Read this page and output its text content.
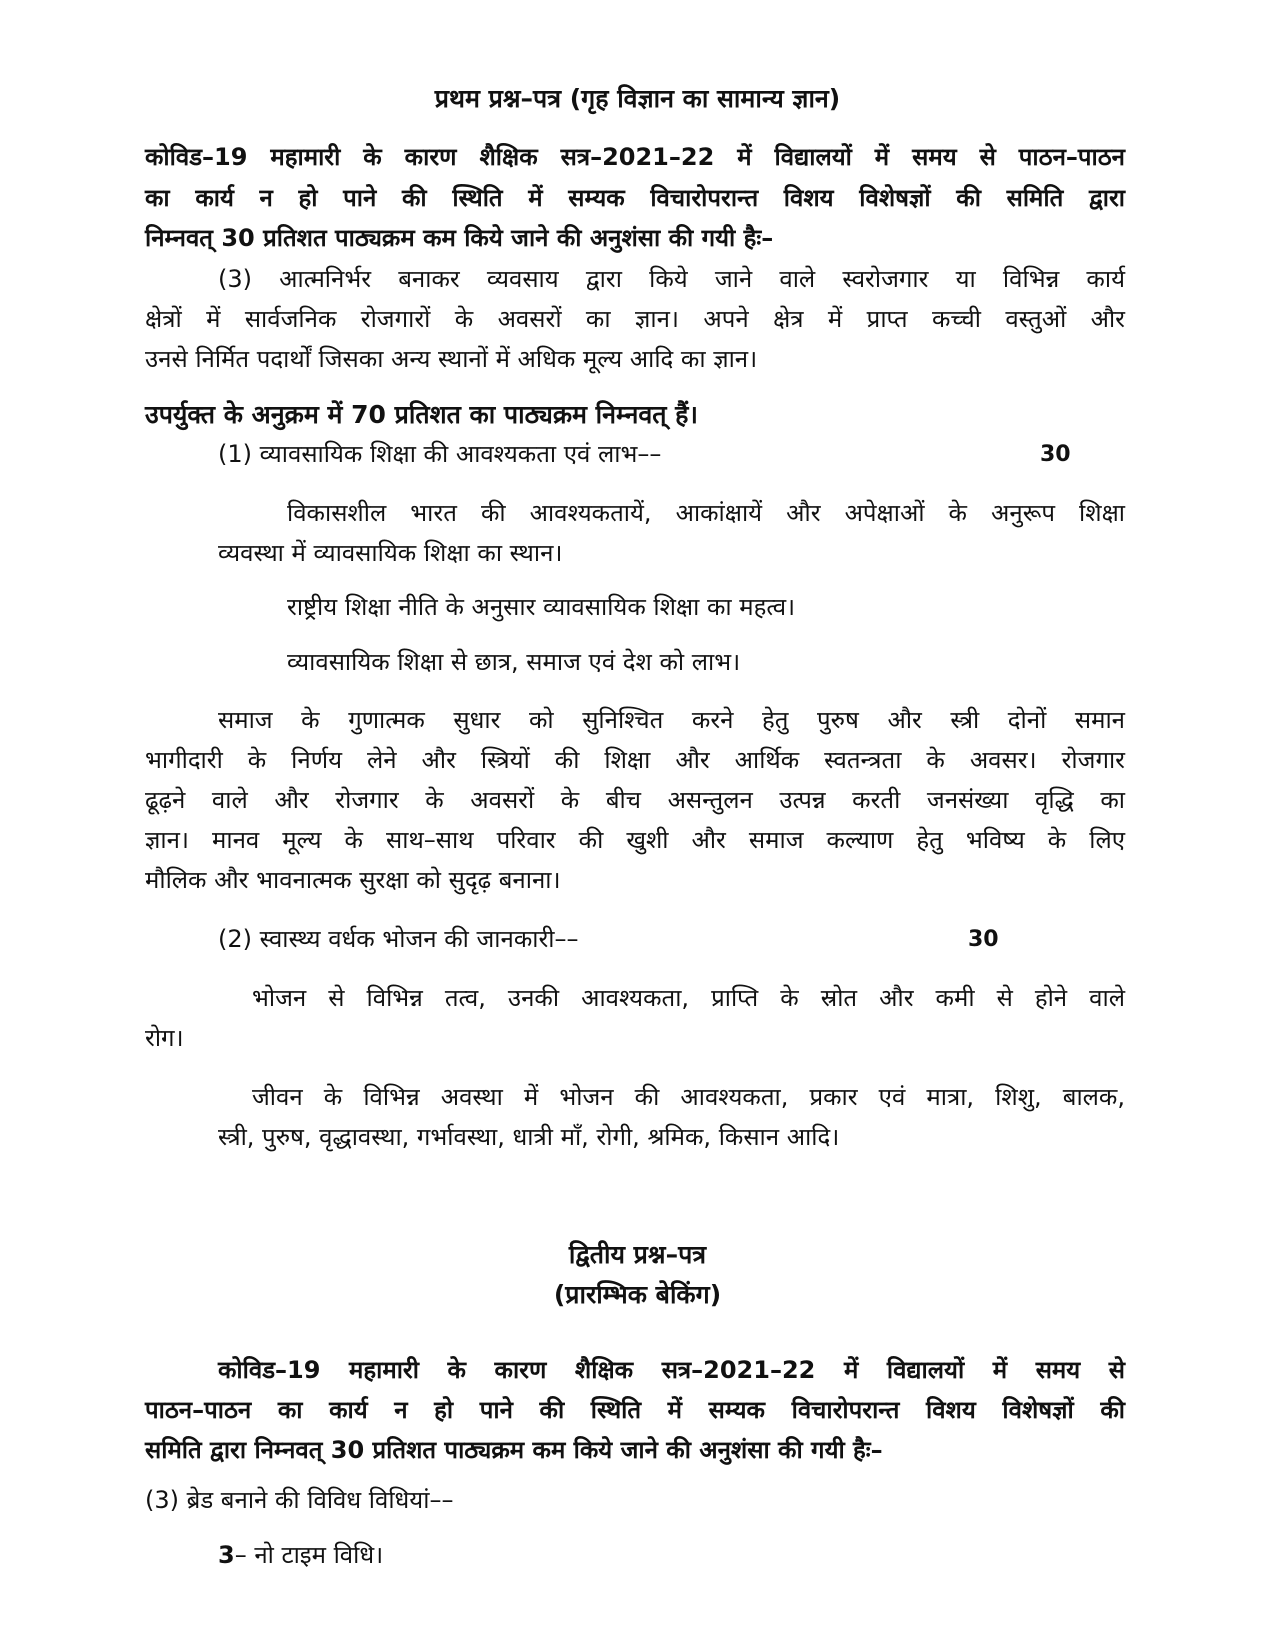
प्रथम प्रश्न–पत्र (गृह विज्ञान का सामान्य ज्ञान)

कोविड–19 महामारी के कारण शैक्षिक सत्र–2021–22 में विद्यालयों में समय से पाठन–पाठन

का कार्य न हो पाने की स्थिति में सम्यक विचारोपरान्त विशय विशेषज्ञों की समिति द्वारा

निम्नवत् 30 प्रतिशत पाठ्यक्रम कम किये जाने की अनुशंसा की गयी हैः–

(3) आत्मनिर्भर बनाकर व्यवसाय द्वारा किये जाने वाले स्वरोजगार या विभिन्न कार्य

क्षेत्रों में सार्वजनिक रोजगारों के अवसरों का ज्ञान। अपने क्षेत्र में प्राप्त कच्ची वस्तुओं और

उनसे निर्मित पदार्थों जिसका अन्य स्थानों में अधिक मूल्य आदि का ज्ञान।

उपर्युक्त के अनुक्रम में 70 प्रतिशत का पाठ्यक्रम निम्नवत् हैं।

(1) व्यावसायिक शिक्षा की आवश्यकता एवं लाभ––	30

विकासशील भारत की आवश्यकतायें, आकांक्षायें और अपेक्षाओं के अनुरूप शिक्षा

व्यवस्था में व्यावसायिक शिक्षा का स्थान।

राष्ट्रीय शिक्षा नीति के अनुसार व्यावसायिक शिक्षा का महत्व।

व्यावसायिक शिक्षा से छात्र, समाज एवं देश को लाभ।

समाज के गुणात्मक सुधार को सुनिश्चित करने हेतु पुरुष और स्त्री दोनों समान

भागीदारी के निर्णय लेने और स्त्रियों की शिक्षा और आर्थिक स्वतन्त्रता के अवसर। रोजगार

ढूढ़ने वाले और रोजगार के अवसरों के बीच असन्तुलन उत्पन्न करती जनसंख्या वृद्धि का

ज्ञान। मानव मूल्य के साथ–साथ परिवार की खुशी और समाज कल्याण हेतु भविष्य के लिए

मौलिक और भावनात्मक सुरक्षा को सुदृढ़ बनाना।

(2) स्वास्थ्य वर्धक भोजन की जानकारी––	30

भोजन से विभिन्न तत्व, उनकी आवश्यकता, प्राप्ति के स्रोत और कमी से होने वाले

रोग।

जीवन के विभिन्न अवस्था में भोजन की आवश्यकता, प्रकार एवं मात्रा, शिशु, बालक,

स्त्री, पुरुष, वृद्धावस्था, गर्भावस्था, धात्री माँ, रोगी, श्रमिक, किसान आदि।

द्वितीय प्रश्न–पत्र

(प्रारम्भिक बेकिंग)

कोविड–19 महामारी के कारण शैक्षिक सत्र–2021–22 में विद्यालयों में समय से

पाठन–पाठन का कार्य न हो पाने की स्थिति में सम्यक विचारोपरान्त विशय विशेषज्ञों की

समिति द्वारा निम्नवत् 30 प्रतिशत पाठ्यक्रम कम किये जाने की अनुशंसा की गयी हैः–

(3) ब्रेड बनाने की विविध विधियां––

3 – नो टाइम विधि।
